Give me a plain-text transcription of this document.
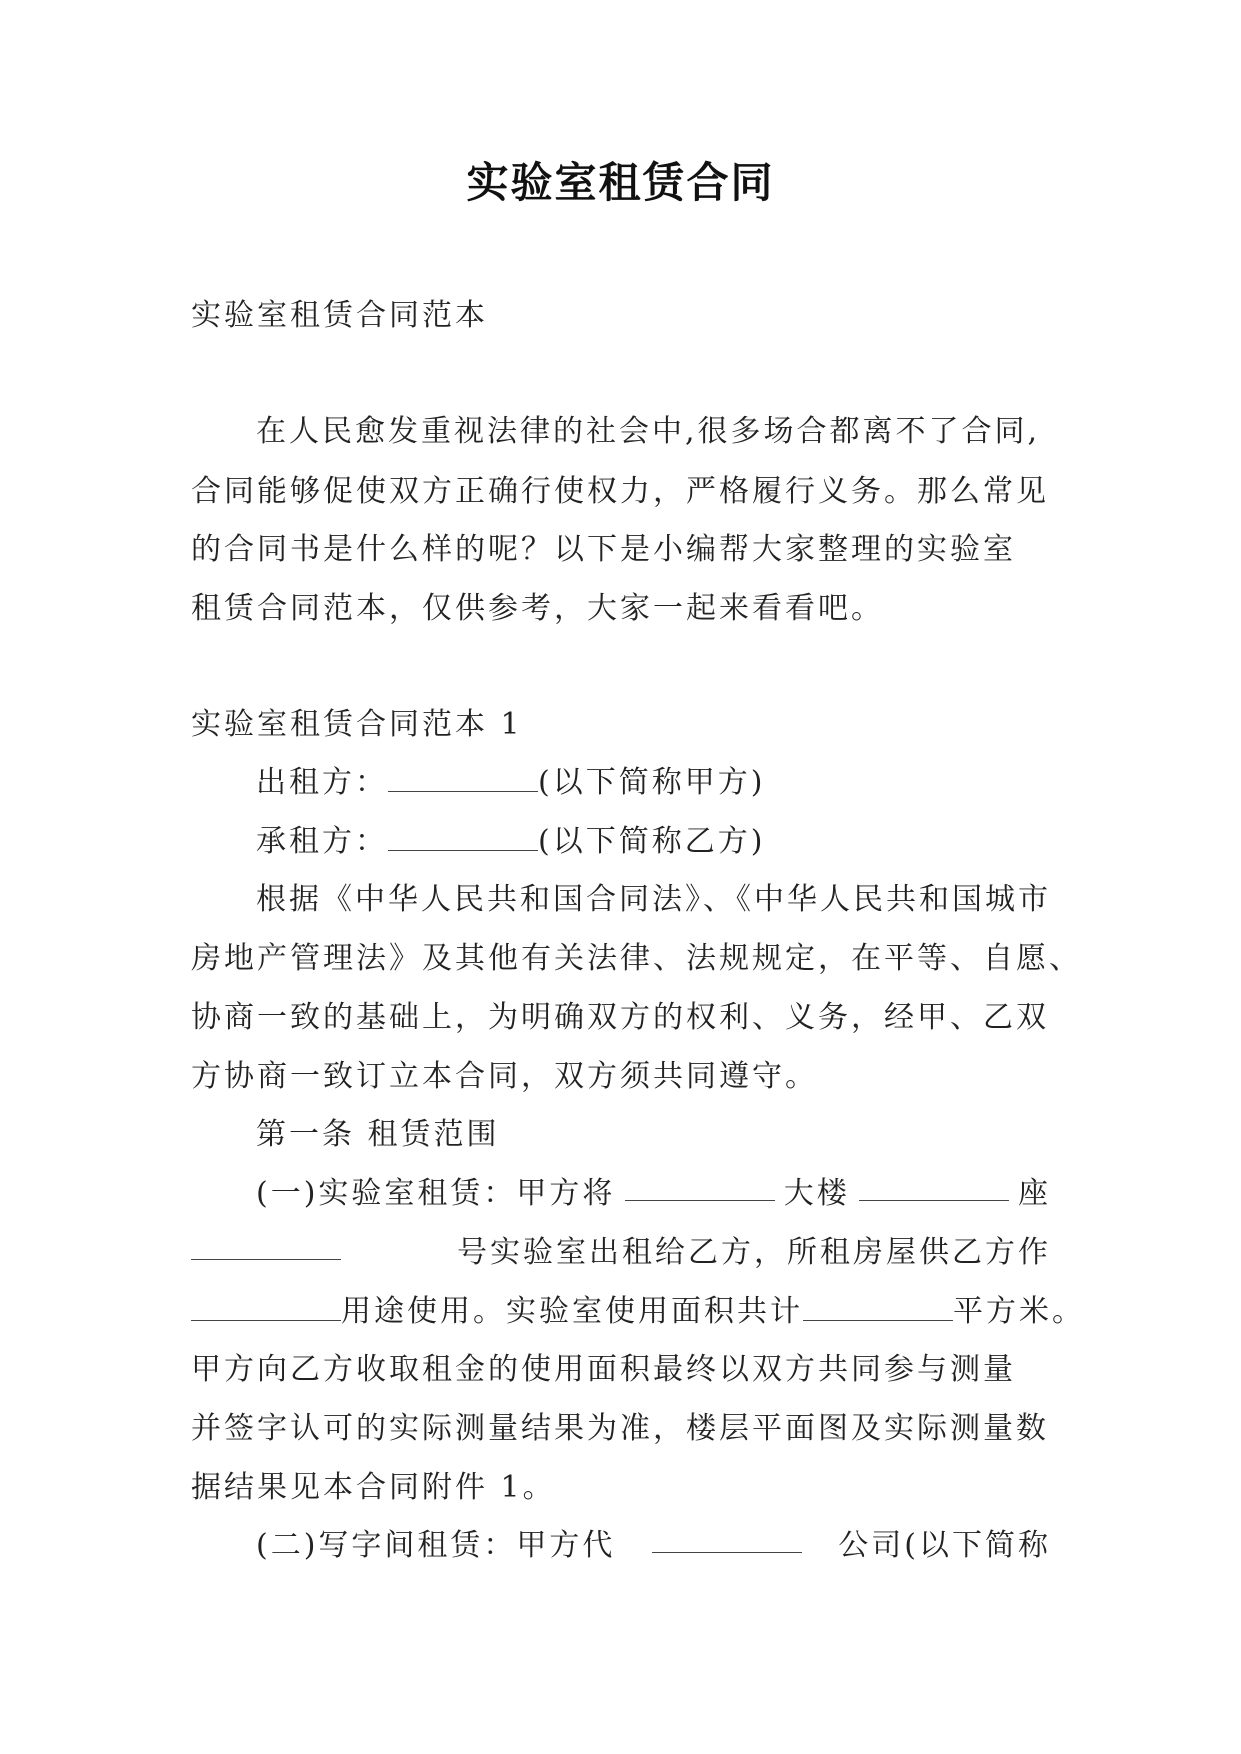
实验室租赁合同
实验室租赁合同范本
在人民愈发重视法律的社会中,很多场合都离不了合同,
合同能够促使双方正确行使权力，严格履行义务。那么常见
的合同书是什么样的呢？以下是小编帮大家整理的实验室
租赁合同范本，仅供参考，大家一起来看看吧。
实验室租赁合同范本 1
出租方：	(以下简称甲方)
承租方：	(以下简称乙方)
根据《中华人民共和国合同法》、《中华人民共和国城市
房地产管理法》及其他有关法律、法规规定，在平等、自愿、
协商一致的基础上，为明确双方的权利、义务，经甲、乙双
方协商一致订立本合同，双方须共同遵守。
第一条 租赁范围
(一)实验室租赁：甲方将	大楼	座
号实验室出租给乙方，所租房屋供乙方作
用途使用。实验室使用面积共计	平方米。
甲方向乙方收取租金的使用面积最终以双方共同参与测量
并签字认可的实际测量结果为准，楼层平面图及实际测量数
据结果见本合同附件 1。
(二)写字间租赁：甲方代	公司(以下简称
